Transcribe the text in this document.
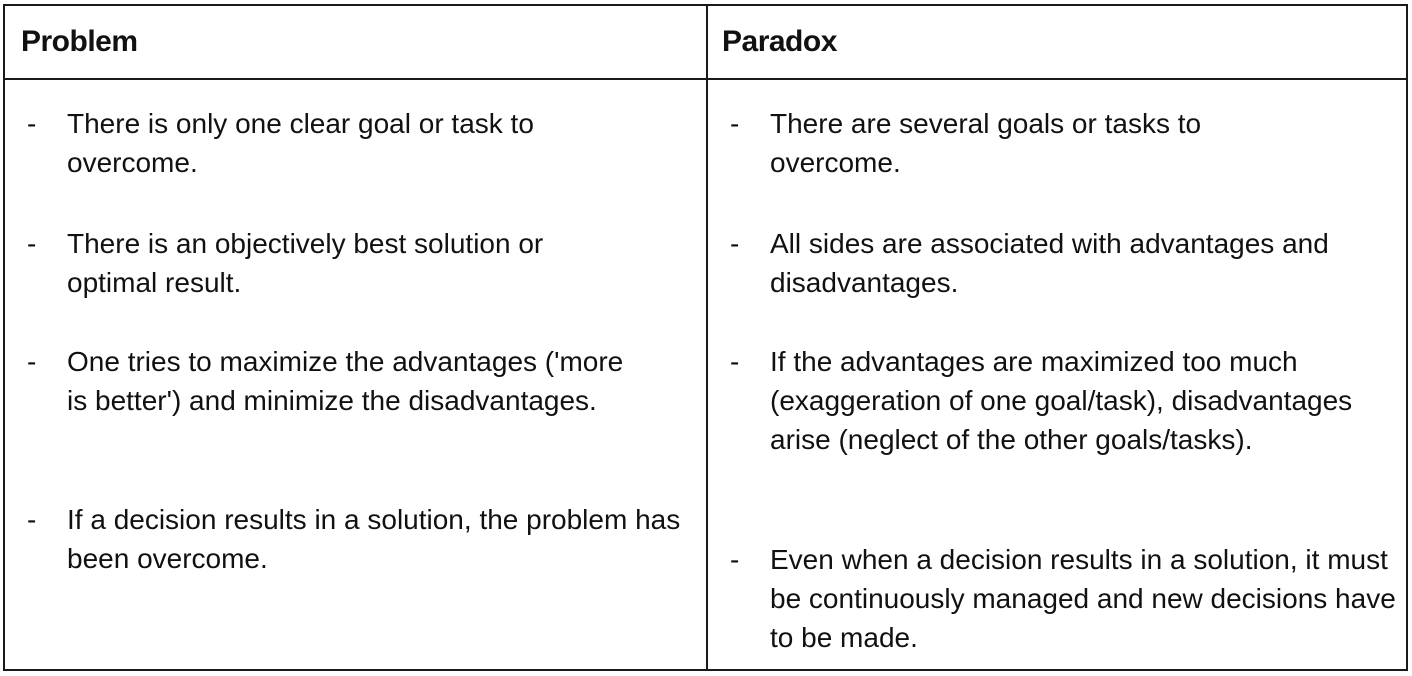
Problem	Paradox
- There is only one clear goal or task to overcome.
- There is an objectively best solution or optimal result.
- One tries to maximize the advantages ('more is better') and minimize the disadvantages.
- If a decision results in a solution, the problem has been overcome.
- There are several goals or tasks to overcome.
- All sides are associated with advantages and disadvantages.
- If the advantages are maximized too much (exaggeration of one goal/task), disadvantages arise (neglect of the other goals/tasks).
- Even when a decision results in a solution, it must be continuously managed and new decisions have to be made.
